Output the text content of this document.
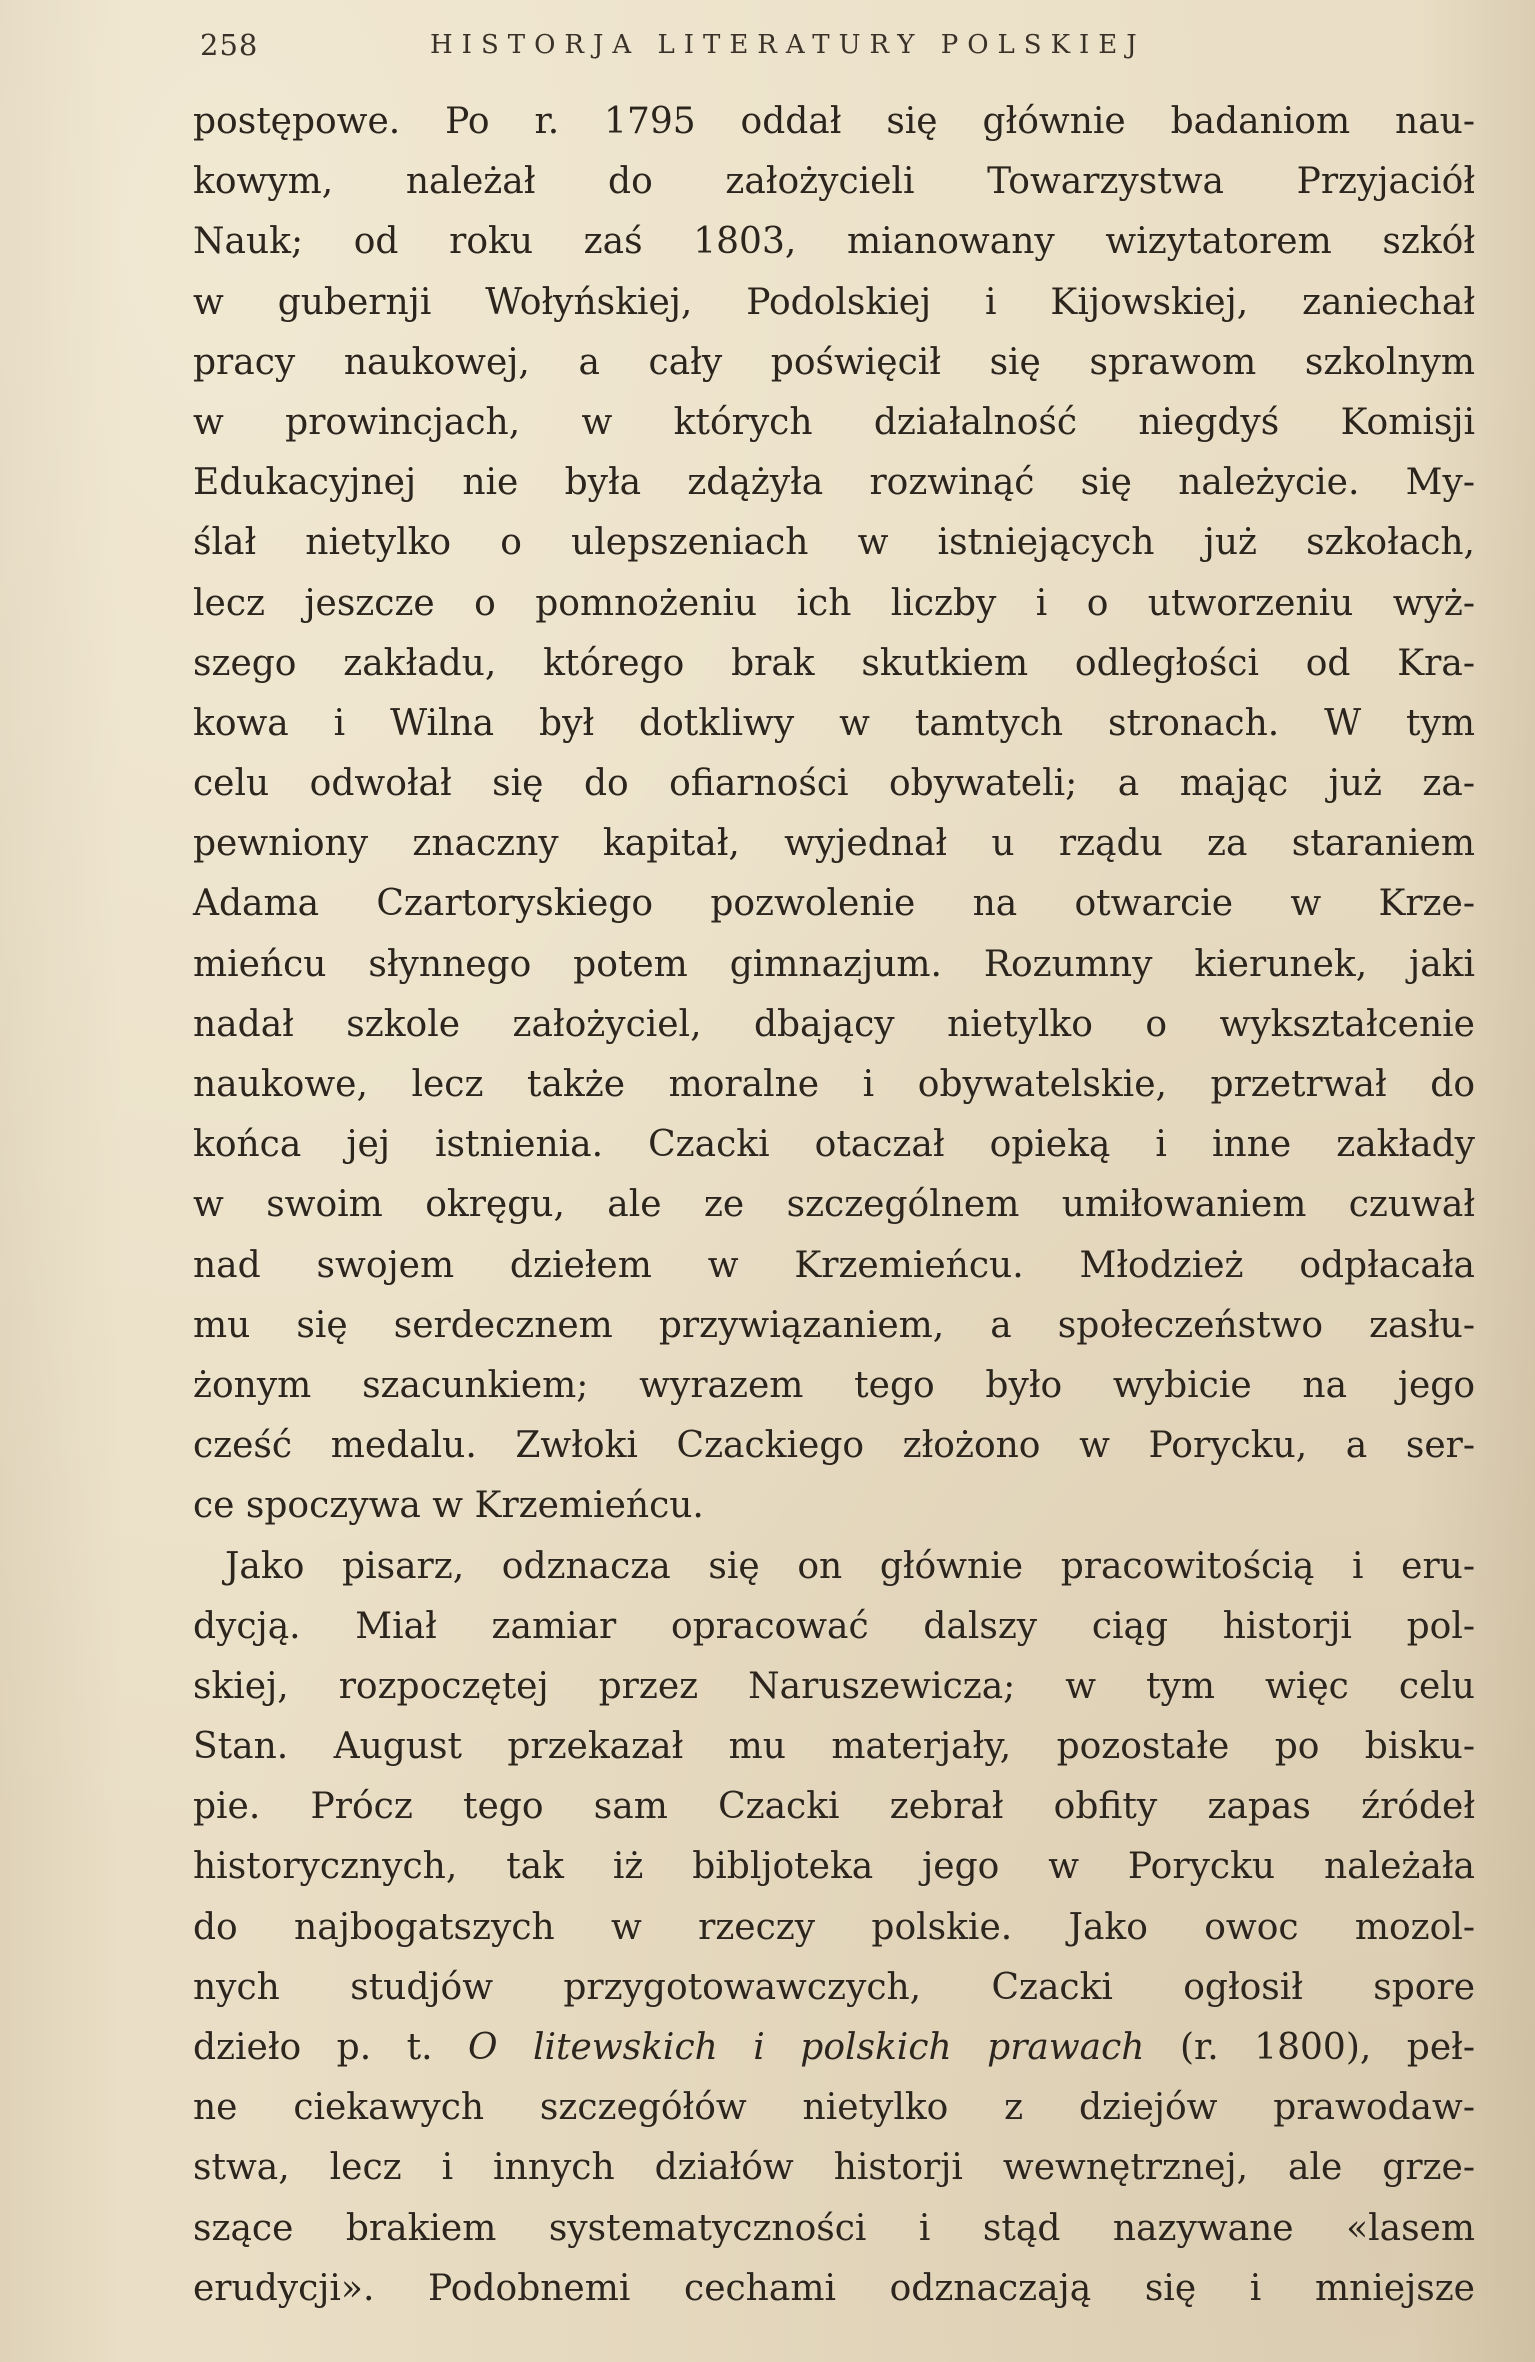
258	HISTORJA LITERATURY POLSKIEJ
postępowe. Po r. 1795 oddał się głównie badaniom nau-
kowym, należał do założycieli Towarzystwa Przyjaciół
Nauk; od roku zaś 1803, mianowany wizytatorem szkół
w gubernji Wołyńskiej, Podolskiej i Kijowskiej, zaniechał
pracy naukowej, a cały poświęcił się sprawom szkolnym
w prowincjach, w których działalność niegdyś Komisji
Edukacyjnej nie była zdążyła rozwinąć się należycie. My-
ślał nietylko o ulepszeniach w istniejących już szkołach,
lecz jeszcze o pomnożeniu ich liczby i o utworzeniu wyż-
szego zakładu, którego brak skutkiem odległości od Kra-
kowa i Wilna był dotkliwy w tamtych stronach. W tym
celu odwołał się do ofiarności obywateli; a mając już za-
pewniony znaczny kapitał, wyjednał u rządu za staraniem
Adama Czartoryskiego pozwolenie na otwarcie w Krze-
mieńcu słynnego potem gimnazjum. Rozumny kierunek, jaki
nadał szkole założyciel, dbający nietylko o wykształcenie
naukowe, lecz także moralne i obywatelskie, przetrwał do
końca jej istnienia. Czacki otaczał opieką i inne zakłady
w swoim okręgu, ale ze szczególnem umiłowaniem czuwał
nad swojem dziełem w Krzemieńcu. Młodzież odpłacała
mu się serdecznem przywiązaniem, a społeczeństwo zasłu-
żonym szacunkiem; wyrazem tego było wybicie na jego
cześć medalu. Zwłoki Czackiego złożono w Porycku, a ser-
ce spoczywa w Krzemieńcu.
Jako pisarz, odznacza się on głównie pracowitością i eru-
dycją. Miał zamiar opracować dalszy ciąg historji pol-
skiej, rozpoczętej przez Naruszewicza; w tym więc celu
Stan. August przekazał mu materjały, pozostałe po bisku-
pie. Prócz tego sam Czacki zebrał obfity zapas źródeł
historycznych, tak iż bibljoteka jego w Porycku należała
do najbogatszych w rzeczy polskie. Jako owoc mozol-
nych studjów przygotowawczych, Czacki ogłosił spore
dzieło p. t. O litewskich i polskich prawach (r. 1800), peł-
ne ciekawych szczegółów nietylko z dziejów prawodaw-
stwa, lecz i innych działów historji wewnętrznej, ale grze-
szące brakiem systematyczności i stąd nazywane «lasem
erudycji». Podobnemi cechami odznaczają się i mniejsze
